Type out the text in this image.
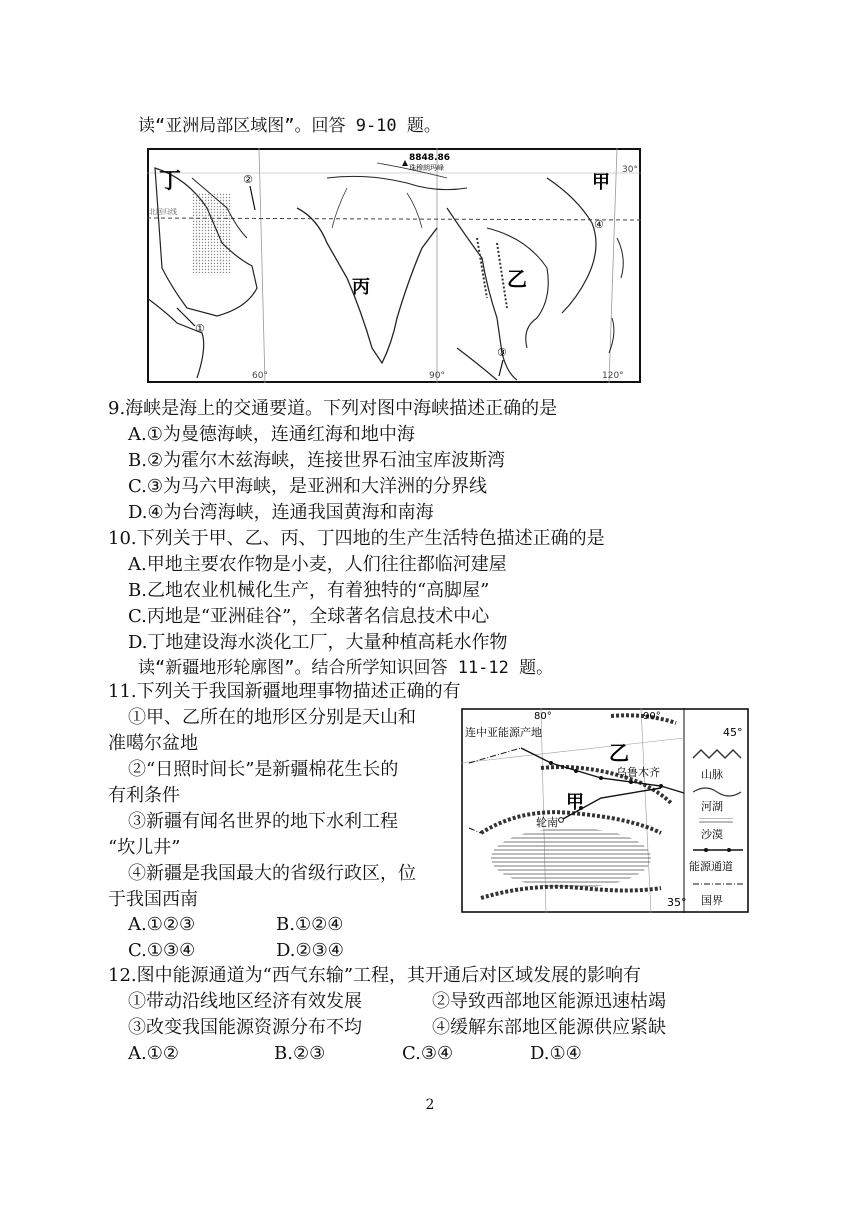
读“亚洲局部区域图”。回答 9-10 题。
8848.86
珠穆朗玛峰
丁	甲
乙
丙
北回归线
②
①
③
④
60°	90°	120°
30°
9.海峡是海上的交通要道。下列对图中海峡描述正确的是
A.①为曼德海峡，连通红海和地中海
B.②为霍尔木兹海峡，连接世界石油宝库波斯湾
C.③为马六甲海峡，是亚洲和大洋洲的分界线
D.④为台湾海峡，连通我国黄海和南海
10.下列关于甲、乙、丙、丁四地的生产生活特色描述正确的是
A.甲地主要农作物是小麦，人们往往都临河建屋
B.乙地农业机械化生产，有着独特的“高脚屋”
C.丙地是“亚洲硅谷”，全球著名信息技术中心
D.丁地建设海水淡化工厂，大量种植高耗水作物
读“新疆地形轮廓图”。结合所学知识回答 11-12 题。
11.下列关于我国新疆地理事物描述正确的有
①甲、乙所在的地形区分别是天山和
准噶尔盆地
②“日照时间长”是新疆棉花生长的
有利条件
③新疆有闻名世界的地下水利工程
“坎儿井”
④新疆是我国最大的省级行政区，位
于我国西南
A.①②③	B.①②④
C.①③④	D.②③④
连中亚能源产地
80°	90°
45°
35°
乙
甲
乌鲁木齐
轮南
山脉
河湖
沙漠
能源通道
国界
12.图中能源通道为“西气东输”工程，其开通后对区域发展的影响有
①带动沿线地区经济有效发展	②导致西部地区能源迅速枯竭
③改变我国能源资源分布不均	④缓解东部地区能源供应紧缺
A.①②	B.②③	C.③④	D.①④
2
